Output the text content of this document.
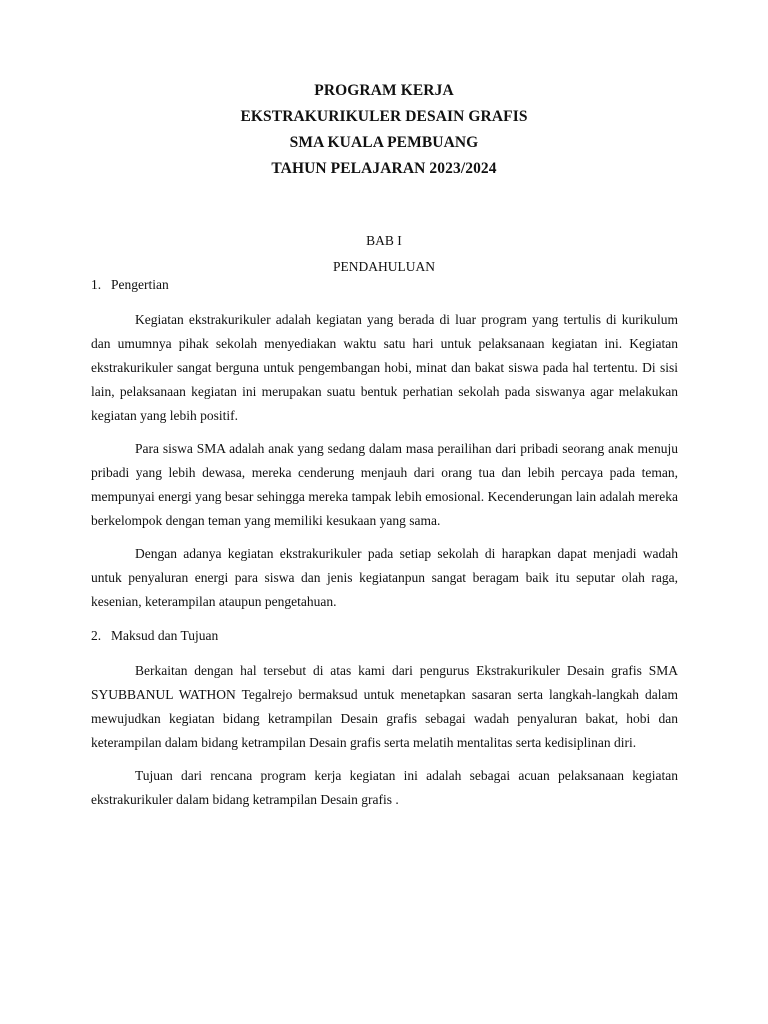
PROGRAM KERJA
EKSTRAKURIKULER DESAIN GRAFIS
SMA KUALA PEMBUANG
TAHUN PELAJARAN 2023/2024
BAB I
PENDAHULUAN
1. Pengertian

Kegiatan ekstrakurikuler adalah kegiatan yang berada di luar program yang tertulis di kurikulum dan umumnya pihak sekolah menyediakan waktu satu hari untuk pelaksanaan kegiatan ini. Kegiatan ekstrakurikuler sangat berguna untuk pengembangan hobi, minat dan bakat siswa pada hal tertentu. Di sisi lain, pelaksanaan kegiatan ini merupakan suatu bentuk perhatian sekolah pada siswanya agar melakukan kegiatan yang lebih positif.

Para siswa SMA adalah anak yang sedang dalam masa perailihan dari pribadi seorang anak menuju pribadi yang lebih dewasa, mereka cenderung menjauh dari orang tua dan lebih percaya pada teman, mempunyai energi yang besar sehingga mereka tampak lebih emosional. Kecenderungan lain adalah mereka berkelompok dengan teman yang memiliki kesukaan yang sama.

Dengan adanya kegiatan ekstrakurikuler pada setiap sekolah di harapkan dapat menjadi wadah untuk penyaluran energi para siswa dan jenis kegiatanpun sangat beragam baik itu seputar olah raga, kesenian, keterampilan ataupun pengetahuan.

2. Maksud dan Tujuan

Berkaitan dengan hal tersebut di atas kami dari pengurus Ekstrakurikuler Desain grafis SMA SYUBBANUL WATHON Tegalrejo bermaksud untuk menetapkan sasaran serta langkah-langkah dalam mewujudkan kegiatan bidang ketrampilan Desain grafis sebagai wadah penyaluran bakat, hobi dan keterampilan dalam bidang ketrampilan Desain grafis serta melatih mentalitas serta kedisiplinan diri.

Tujuan dari rencana program kerja kegiatan ini adalah sebagai acuan pelaksanaan kegiatan ekstrakurikuler dalam bidang ketrampilan Desain grafis .
